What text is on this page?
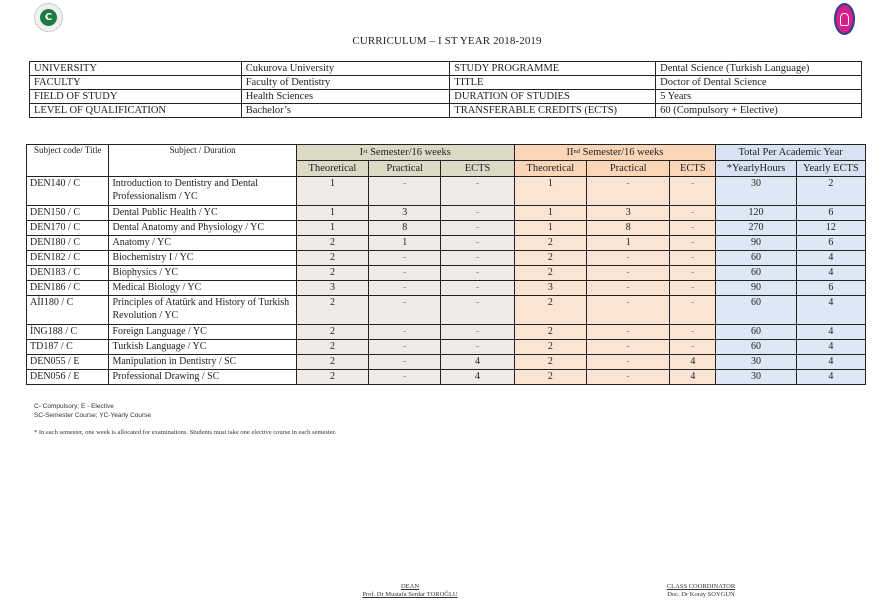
C
CURRICULUM – I ST YEAR 2018-2019
UNIVERSITY	Cukurova University	STUDY PROGRAMME	Dental Science (Turkish Language)
FACULTY	Faculty of Dentistry	TITLE	Doctor of Dental Science
FIELD OF STUDY	Health Sciences	DURATION OF STUDIES	5 Years
LEVEL OF QUALIFICATION	Bachelor’s	TRANSFERABLE CREDITS (ECTS)	60 (Compulsory + Elective)
Subject code/ Title	Subject / Duration	Ist Semester/16 weeks			IInd Semester/16 weeks			Total Per Academic Year	
		Theoretical	Practical	ECTS	Theoretical	Practical	ECTS	*YearlyHours	Yearly ECTS
DEN140 / C	Introduction to Dentistry and Dental Professionalism / YC	1	-	-	1	-	-	30	2
DEN150 / C	Dental Public Health / YC	1	3	-	1	3	-	120	6
DEN170 / C	Dental Anatomy and Physiology / YC	1	8	-	1	8	-	270	12
DEN180 / C	Anatomy / YC	2	1	-	2	1	-	90	6
DEN182 / C	Biochemistry I / YC	2	-	-	2	-	-	60	4
DEN183 / C	Biophysics / YC	2	-	-	2	-	-	60	4
DEN186 / C	Medical Biology / YC	3	-	-	3	-	-	90	6
AİI180 / C	Principles of Atatürk and History of Turkish Revolution / YC	2	-	-	2	-	-	60	4
İNG188 / C	Foreign Language / YC	2	-	-	2	-	-	60	4
TD187 / C	Turkish Language / YC	2	-	-	2	-	-	60	4
DEN055 / E	Manipulation in Dentistry / SC	2	-	4	2	-	4	30	4
DEN056 / E	Professional Drawing / SC	2	-	4	2	-	4	30	4
C- Compulsory; E - Elective
SC-Semester Course; YC-Yearly Course
* In each semester, one week is allocated for examinations. Students must take one elective course in each semester.
DEAN
Prof. Dr Mustafa Serdar TOROĞLU
CLASS COORDINATOR
Doc. Dr Koray SOYGUN
